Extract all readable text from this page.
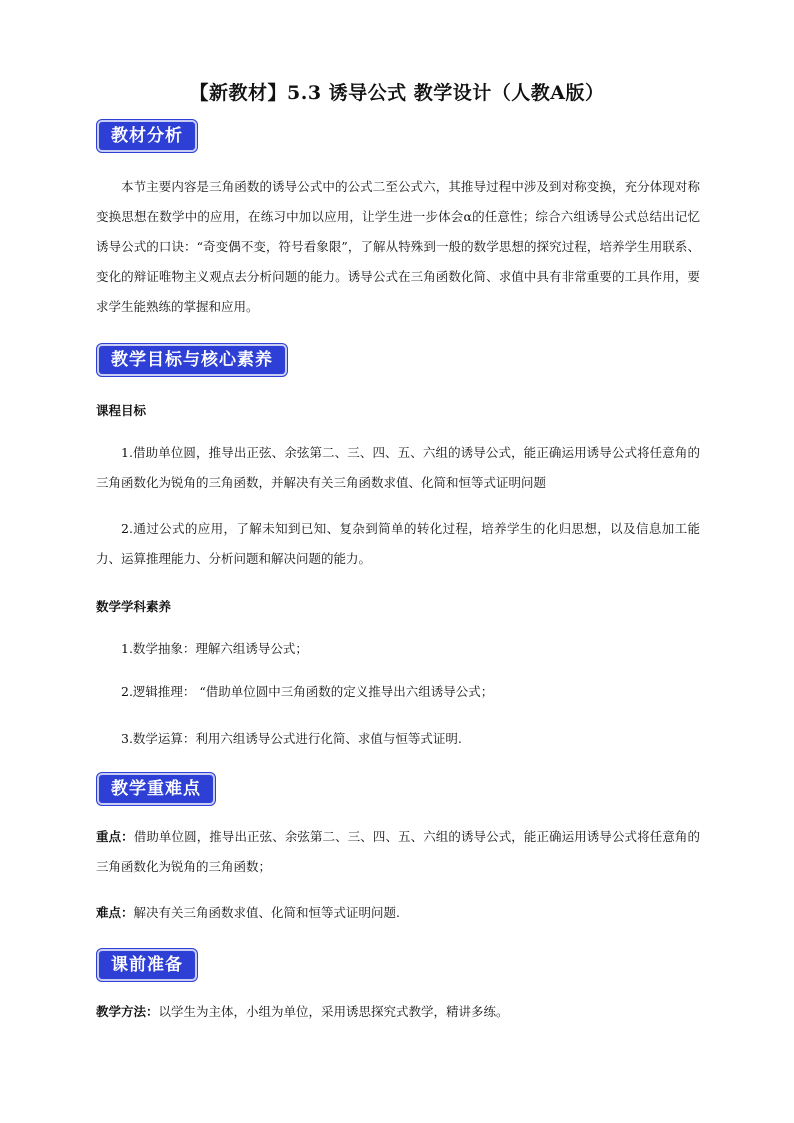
【新教材】5.3 诱导公式 教学设计（人教A版）
教材分析
本节主要内容是三角函数的诱导公式中的公式二至公式六，其推导过程中涉及到对称变换，充分体现对称变换思想在数学中的应用，在练习中加以应用，让学生进一步体会α的任意性；综合六组诱导公式总结出记忆诱导公式的口诀：“奇变偶不变，符号看象限”，了解从特殊到一般的数学思想的探究过程，培养学生用联系、变化的辩证唯物主义观点去分析问题的能力。诱导公式在三角函数化简、求值中具有非常重要的工具作用，要求学生能熟练的掌握和应用。
教学目标与核心素养
课程目标
1.借助单位圆，推导出正弦、余弦第二、三、四、五、六组的诱导公式，能正确运用诱导公式将任意角的三角函数化为锐角的三角函数，并解决有关三角函数求值、化简和恒等式证明问题
2.通过公式的应用，了解未知到已知、复杂到简单的转化过程，培养学生的化归思想，以及信息加工能力、运算推理能力、分析问题和解决问题的能力。
数学学科素养
1.数学抽象：理解六组诱导公式；
2.逻辑推理： “借助单位圆中三角函数的定义推导出六组诱导公式；
3.数学运算：利用六组诱导公式进行化简、求值与恒等式证明.
教学重难点
重点：借助单位圆，推导出正弦、余弦第二、三、四、五、六组的诱导公式，能正确运用诱导公式将任意角的三角函数化为锐角的三角函数；
难点：解决有关三角函数求值、化简和恒等式证明问题.
课前准备
教学方法：以学生为主体，小组为单位，采用诱思探究式教学，精讲多练。
